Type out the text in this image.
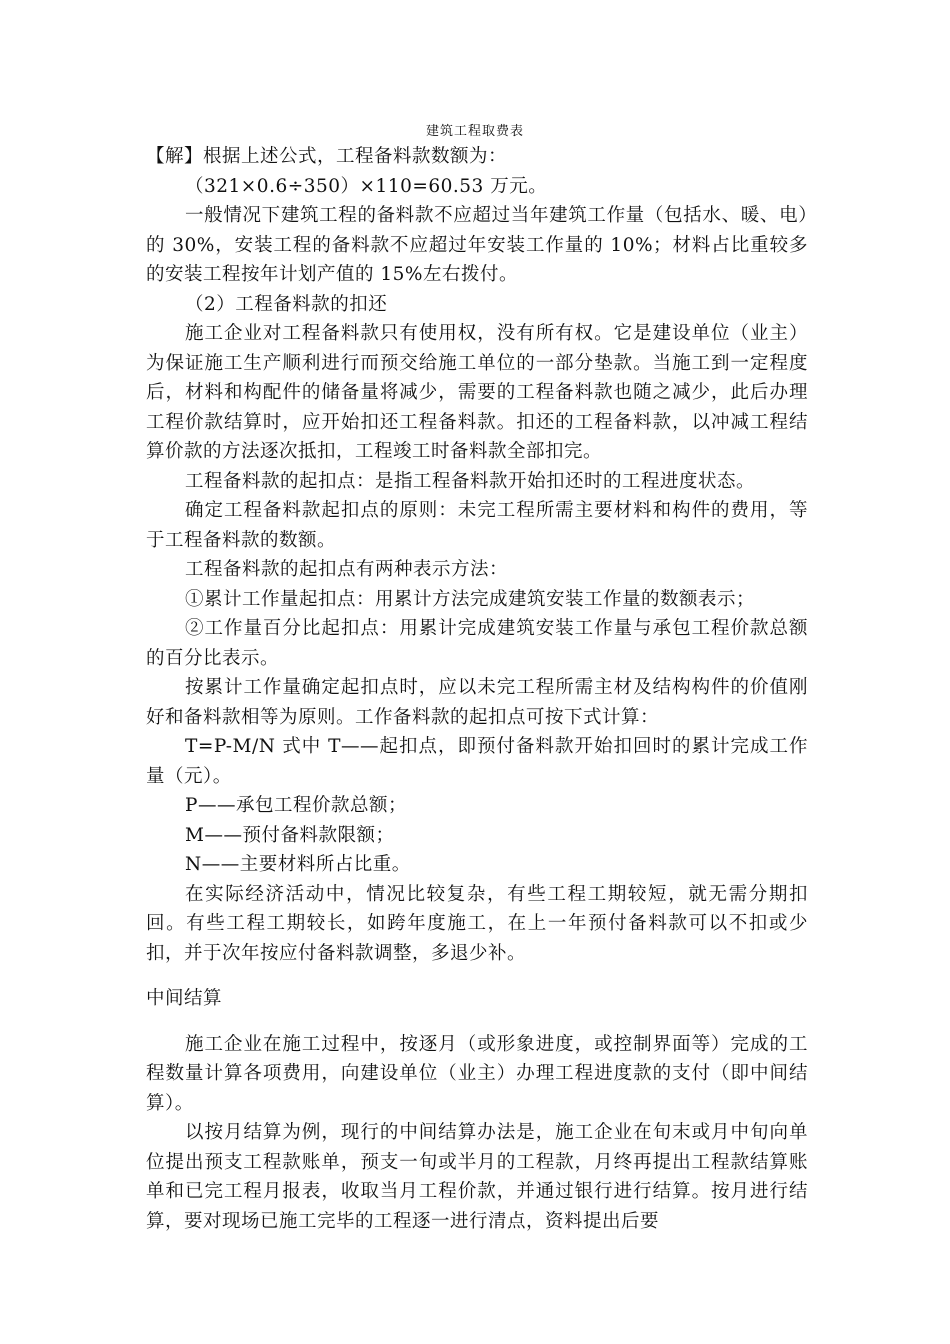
建筑工程取费表

【解】根据上述公式，工程备料款数额为：

（321×0.6÷350）×110=60.53 万元。

一般情况下建筑工程的备料款不应超过当年建筑工作量（包括水、暖、电）的 30%，安装工程的备料款不应超过年安装工作量的 10%；材料占比重较多的安装工程按年计划产值的 15%左右拨付。

（2）工程备料款的扣还

施工企业对工程备料款只有使用权，没有所有权。它是建设单位（业主）为保证施工生产顺利进行而预交给施工单位的一部分垫款。当施工到一定程度后，材料和构配件的储备量将减少，需要的工程备料款也随之减少，此后办理工程价款结算时，应开始扣还工程备料款。扣还的工程备料款，以冲减工程结算价款的方法逐次抵扣，工程竣工时备料款全部扣完。

工程备料款的起扣点：是指工程备料款开始扣还时的工程进度状态。

确定工程备料款起扣点的原则：未完工程所需主要材料和构件的费用，等于工程备料款的数额。

工程备料款的起扣点有两种表示方法：

①累计工作量起扣点：用累计方法完成建筑安装工作量的数额表示；

②工作量百分比起扣点：用累计完成建筑安装工作量与承包工程价款总额的百分比表示。

按累计工作量确定起扣点时，应以未完工程所需主材及结构构件的价值刚好和备料款相等为原则。工作备料款的起扣点可按下式计算：

T=P-M/N 式中 T——起扣点，即预付备料款开始扣回时的累计完成工作量（元）。

P——承包工程价款总额；

M——预付备料款限额；

N——主要材料所占比重。

在实际经济活动中，情况比较复杂，有些工程工期较短，就无需分期扣回。有些工程工期较长，如跨年度施工，在上一年预付备料款可以不扣或少扣，并于次年按应付备料款调整，多退少补。

中间结算

施工企业在施工过程中，按逐月（或形象进度，或控制界面等）完成的工程数量计算各项费用，向建设单位（业主）办理工程进度款的支付（即中间结算）。

以按月结算为例，现行的中间结算办法是，施工企业在旬末或月中旬向单位提出预支工程款账单，预支一旬或半月的工程款，月终再提出工程款结算账单和已完工程月报表，收取当月工程价款，并通过银行进行结算。按月进行结算，要对现场已施工完毕的工程逐一进行清点，资料提出后要
